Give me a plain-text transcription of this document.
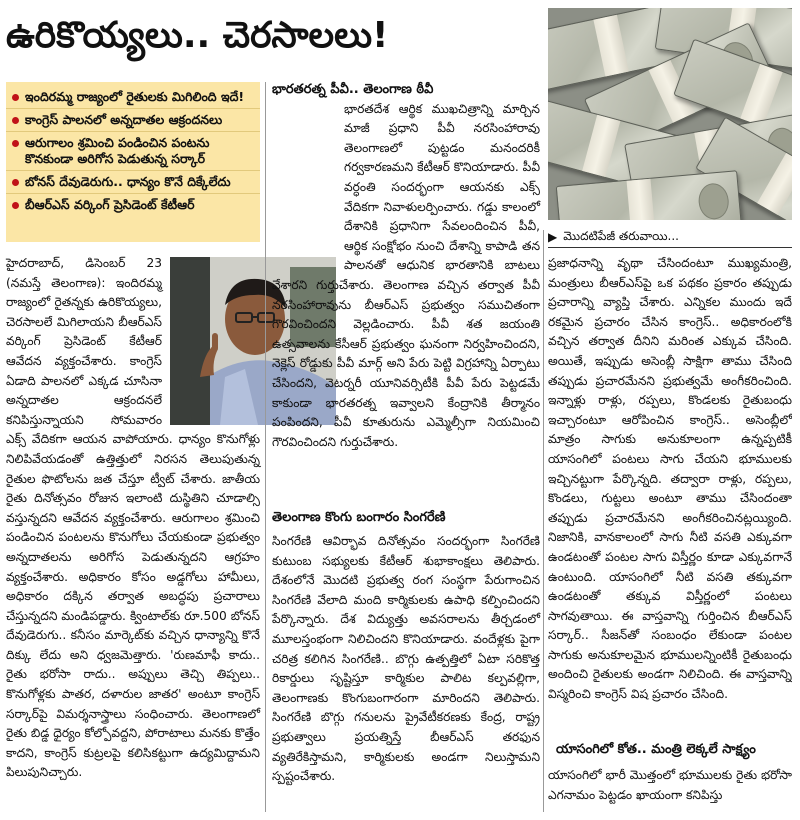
ఉరికొయ్యలు.. చెరసాలలు!
▶ మొదటిపేజీ తరువాయి...
ఇందిరమ్మ రాజ్యంలో రైతులకు మిగిలింది ఇదే!
కాంగ్రెస్ పాలనలో అన్నదాతల ఆక్రందనలు
ఆరుగాలం శ్రమించి పండించిన పంటను కొనకుండా అరిగోస పెడుతున్న సర్కార్
బోనస్ దేవుడెరుగు.. ధాన్యం కొనే దిక్కేలేదు
బీఆర్ఎస్ వర్కింగ్ ప్రెసిడెంట్ కేటీఆర్

హైదరాబాద్, డిసెంబర్ 23 (నమస్తే తెలంగాణ): ఇందిరమ్మ రాజ్యంలో రైతన్నకు ఉరికొయ్యలు, చెరసాలలే మిగిలాయని బీఆర్ఎస్ వర్కింగ్ ప్రెసిడెంట్ కేటీఆర్ ఆవేదన వ్యక్తంచేశారు. కాంగ్రెస్ ఏడాది పాలనలో ఎక్కడ చూసినా అన్నదాతల ఆక్రందనలే కనిపిస్తున్నాయని సోమవారం ఎక్స్ వేదికగా ఆయన వాపోయారు. ధాన్యం కొనుగోళ్లు నిలిపివేయడంతో ఉత్తిత్తులో నిరసన తెలుపుతున్న రైతుల ఫొటోలను జత చేస్తూ ట్వీట్ చేశారు. జాతీయ రైతు దినోత్సవం రోజున ఇలాంటి దుస్థితిని చూడాల్సి వస్తున్నదని ఆవేదన వ్యక్తంచేశారు. ఆరుగాలం శ్రమించి పండించిన పంటలను కొనుగోలు చేయకుండా ప్రభుత్వం అన్నదాతలను అరిగోస పెడుతున్నదని ఆగ్రహం వ్యక్తంచేశారు. అధికారం కోసం అడ్డగోలు హామీలు, అధికారం దక్కిన తర్వాత అబద్ధపు ప్రచారాలు చేస్తున్నదని మండిపడ్డారు. క్వింటాల్‌కు రూ.500 బోనస్ దేవుడెరుగు.. కనీసం మార్కెట్‌కు వచ్చిన ధాన్యాన్ని కొనే దిక్కు లేదు అని ధ్వజమెత్తారు. 'రుణమాఫీ కాదు.. రైతు భరోసా రాదు.. అప్పులు తెచ్చి తిప్పలు.. కొనుగోళ్లకు పాతర, దళారుల జాతర' అంటూ కాంగ్రెస్ సర్కార్‌పై విమర్శనాస్త్రాలు సంధించారు. తెలంగాణలో రైతు బిడ్డ ధైర్యం కోల్పోవద్దని, పోరాటాలు మనకు కొత్తేం కాదని, కాంగ్రెస్ కుట్రలపై కలిసికట్టుగా ఉద్యమిద్దామని పిలుపునిచ్చారు.

భారతరత్న పీవీ.. తెలంగాణ ఠీవీ

భారతదేశ ఆర్థిక ముఖచిత్రాన్ని మార్చిన మాజీ ప్రధాని పీవీ నరసింహారావు తెలంగాణలో పుట్టడం మనందరికీ గర్వకారణమని కేటీఆర్ కొనియాడారు. పీవీ వర్ధంతి సందర్భంగా ఆయనకు ఎక్స్ వేదికగా నివాళులర్పించారు. గడ్డు కాలంలో దేశానికి ప్రధానిగా సేవలందించిన పీవీ, ఆర్థిక సంక్షోభం నుంచి దేశాన్ని కాపాడి తన పాలనతో ఆధునిక భారతానికి బాటలు వేశారని గుర్తుచేశారు. తెలంగాణ వచ్చిన తర్వాత పీవీ నరసింహారావును బీఆర్ఎస్ ప్రభుత్వం సముచితంగా గౌరవించిందని వెల్లడించారు. పీవీ శత జయంతి ఉత్సవాలను కేసీఆర్ ప్రభుత్వం ఘనంగా నిర్వహించిందని, నెక్లెస్ రోడ్డుకు పీవీ మార్గ్ అని పేరు పెట్టి విగ్రహాన్ని ఏర్పాటు చేసిందని, వెటర్నరీ యూనివర్సిటీకి పీవీ పేరు పెట్టడమే కాకుండా భారతరత్న ఇవ్వాలని కేంద్రానికి తీర్మానం పంపిందని, పీవీ కూతురును ఎమ్మెల్సీగా నియమించి గౌరవించిందని గుర్తుచేశారు.

తెలంగాణ కొంగు బంగారం సింగరేణి

సింగరేణి ఆవిర్భావ దినోత్సవం సందర్భంగా సింగరేణి కుటుంబ సభ్యులకు కేటీఆర్ శుభాకాంక్షలు తెలిపారు. దేశంలోనే మొదటి ప్రభుత్వ రంగ సంస్థగా పేరుగాంచిన సింగరేణి వేలాది మంది కార్మికులకు ఉపాధి కల్పించిందని పేర్కొన్నారు. దేశ విద్యుత్తు అవసరాలను తీర్చడంలో మూలస్తంభంగా నిలిచిందని కొనియాడారు. వందేళ్లకు పైగా చరిత్ర కలిగిన సింగరేణి.. బొగ్గు ఉత్పత్తిలో ఏటా సరికొత్త రికార్డులు సృష్టిస్తూ కార్మికుల పాలిట కల్పవల్లిగా, తెలంగాణకు కొంగుబంగారంగా మారిందని తెలిపారు. సింగరేణి బొగ్గు గనులను ప్రైవేటీకరణకు కేంద్ర, రాష్ట్ర ప్రభుత్వాలు ప్రయత్నిస్తే బీఆర్ఎస్ తరఫున వ్యతిరేకిస్తామని, కార్మికులకు అండగా నిలుస్తామని స్పష్టంచేశారు.

ప్రజాధనాన్ని వృథా చేసిందంటూ ముఖ్యమంత్రి, మంత్రులు బీఆర్ఎస్‌పై ఒక పథకం ప్రకారం తప్పుడు ప్రచారాన్ని వ్యాప్తి చేశారు. ఎన్నికల ముందు ఇదే రకమైన ప్రచారం చేసిన కాంగ్రెస్.. అధికారంలోకి వచ్చిన తర్వాత దీనిని మరింత ఎక్కువ చేసింది. అయితే, ఇప్పుడు అసెంబ్లీ సాక్షిగా తాము చేసింది తప్పుడు ప్రచారమేనని ప్రభుత్వమే అంగీకరించింది. ఇన్నాళ్లు రాళ్లు, రప్పలు, కొండలకు రైతుబంధు ఇచ్చారంటూ ఆరోపించిన కాంగ్రెస్.. అసెంబ్లీలో మాత్రం సాగుకు అనుకూలంగా ఉన్నప్పటికీ యాసంగిలో పంటలు సాగు చేయని భూములకు ఇచ్చినట్టుగా పేర్కొన్నది. తద్వారా రాళ్లు, రప్పలు, కొండలు, గుట్టలు అంటూ తాము చేసిందంతా తప్పుడు ప్రచారమేనని అంగీకరించినట్లయ్యింది. నిజానికి, వానకాలంలో సాగు నీటి వసతి ఎక్కువగా ఉండటంతో పంటల సాగు విస్తీర్ణం కూడా ఎక్కువగానే ఉంటుంది. యాసంగిలో నీటి వసతి తక్కువగా ఉండటంతో తక్కువ విస్తీర్ణంలో పంటలు సాగవుతాయి. ఈ వాస్తవాన్ని గుర్తించిన బీఆర్ఎస్ సర్కార్.. సీజన్‌తో సంబంధం లేకుండా పంటల సాగుకు అనుకూలమైన భూములన్నింటికీ రైతుబంధు అందించి రైతులకు అండగా నిలిచింది. ఈ వాస్తవాన్ని విస్మరించి కాంగ్రెస్ విష ప్రచారం చేసింది.

యాసంగిలో కోత.. మంత్రి లెక్కలే సాక్ష్యం

యాసంగిలో భారీ మొత్తంలో భూములకు రైతు భరోసా ఎగనామం పెట్టడం ఖాయంగా కనిపిస్తు
